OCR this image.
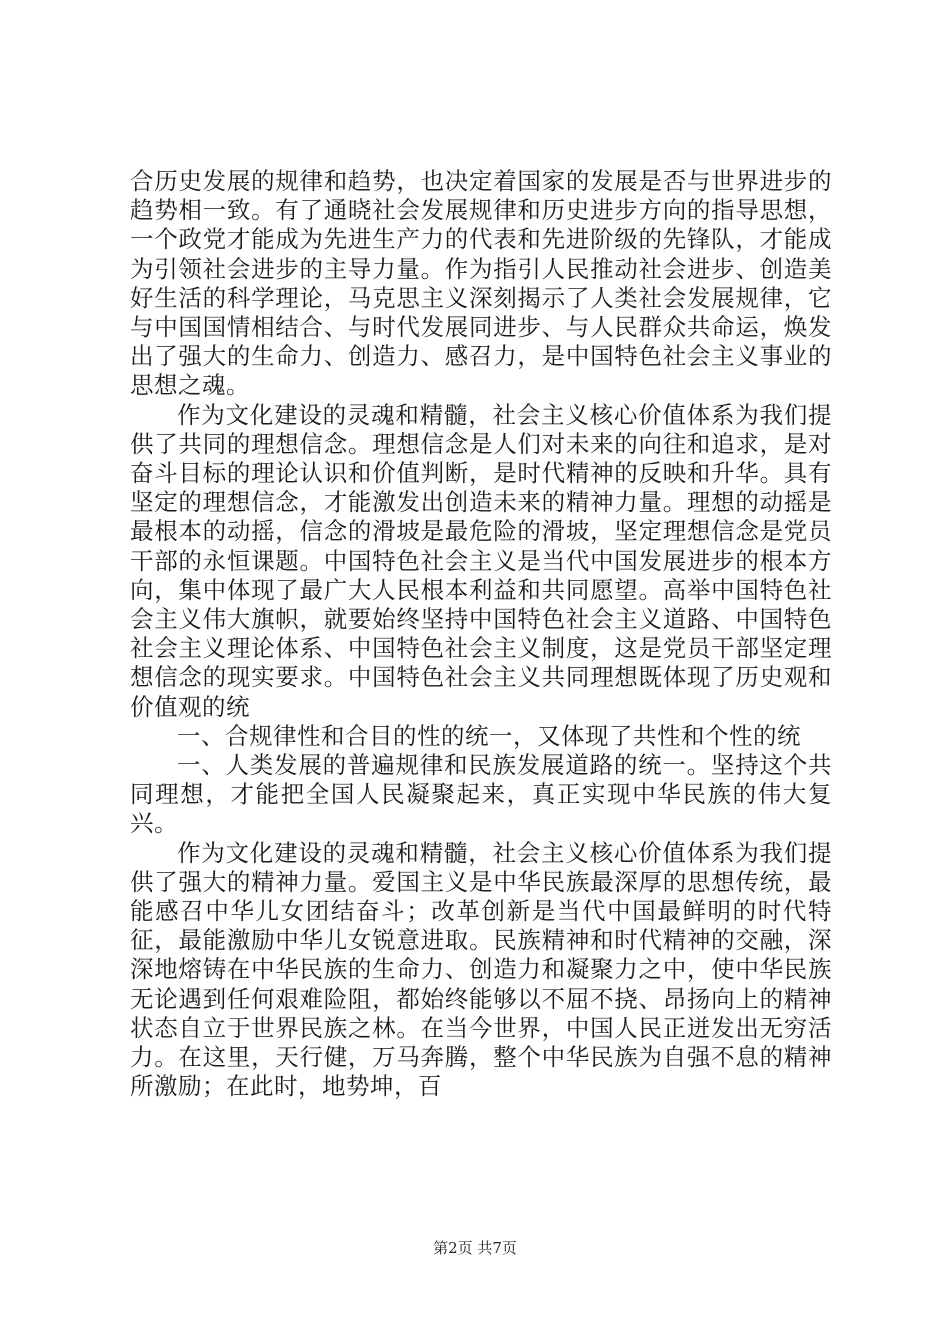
合历史发展的规律和趋势，也决定着国家的发展是否与世界进步的趋势相一致。有了通晓社会发展规律和历史进步方向的指导思想，一个政党才能成为先进生产力的代表和先进阶级的先锋队，才能成为引领社会进步的主导力量。作为指引人民推动社会进步、创造美好生活的科学理论，马克思主义深刻揭示了人类社会发展规律，它与中国国情相结合、与时代发展同进步、与人民群众共命运，焕发出了强大的生命力、创造力、感召力，是中国特色社会主义事业的思想之魂。

作为文化建设的灵魂和精髓，社会主义核心价值体系为我们提供了共同的理想信念。理想信念是人们对未来的向往和追求，是对奋斗目标的理论认识和价值判断，是时代精神的反映和升华。具有坚定的理想信念，才能激发出创造未来的精神力量。理想的动摇是最根本的动摇，信念的滑坡是最危险的滑坡，坚定理想信念是党员干部的永恒课题。中国特色社会主义是当代中国发展进步的根本方向，集中体现了最广大人民根本利益和共同愿望。高举中国特色社会主义伟大旗帜，就要始终坚持中国特色社会主义道路、中国特色社会主义理论体系、中国特色社会主义制度，这是党员干部坚定理想信念的现实要求。中国特色社会主义共同理想既体现了历史观和价值观的统

一、合规律性和合目的性的统一，又体现了共性和个性的统

一、人类发展的普遍规律和民族发展道路的统一。坚持这个共同理想，才能把全国人民凝聚起来，真正实现中华民族的伟大复兴。

作为文化建设的灵魂和精髓，社会主义核心价值体系为我们提供了强大的精神力量。爱国主义是中华民族最深厚的思想传统，最能感召中华儿女团结奋斗；改革创新是当代中国最鲜明的时代特征，最能激励中华儿女锐意进取。民族精神和时代精神的交融，深深地熔铸在中华民族的生命力、创造力和凝聚力之中，使中华民族无论遇到任何艰难险阻，都始终能够以不屈不挠、昂扬向上的精神状态自立于世界民族之林。在当今世界，中国人民正迸发出无穷活力。在这里，天行健，万马奔腾，整个中华民族为自强不息的精神所激励；在此时，地势坤，百

第2页 共7页
